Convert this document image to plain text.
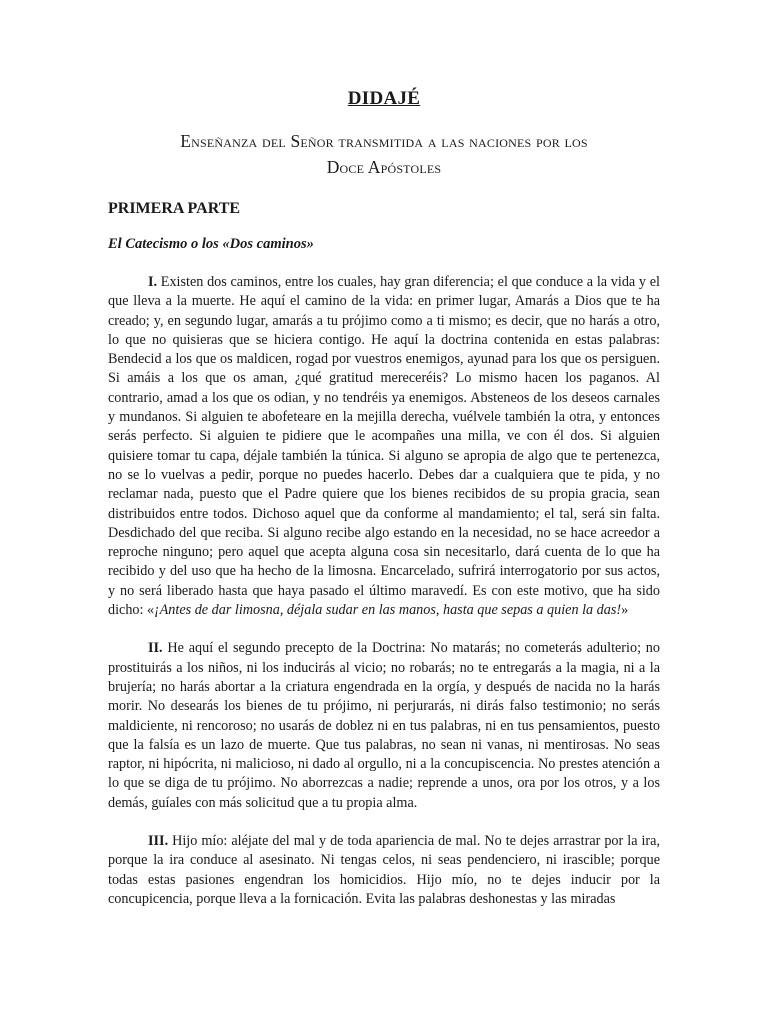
DIDAJÉ
Enseñanza del Señor transmitida a las naciones por los
Doce Apóstoles
PRIMERA PARTE
El Catecismo o los «Dos caminos»

I. Existen dos caminos, entre los cuales, hay gran diferencia; el que conduce a la vida y el que lleva a la muerte. He aquí el camino de la vida: en primer lugar, Amarás a Dios que te ha creado; y, en segundo lugar, amarás a tu prójimo como a ti mismo; es decir, que no harás a otro, lo que no quisieras que se hiciera contigo. He aquí la doctrina contenida en estas palabras: Bendecid a los que os maldicen, rogad por vuestros enemigos, ayunad para los que os persiguen. Si amáis a los que os aman, ¿qué gratitud mereceréis? Lo mismo hacen los paganos. Al contrario, amad a los que os odian, y no tendréis ya enemigos. Absteneos de los deseos carnales y mundanos. Si alguien te abofeteare en la mejilla derecha, vuélvele también la otra, y entonces serás perfecto. Si alguien te pidiere que le acompañes una milla, ve con él dos. Si alguien quisiere tomar tu capa, déjale también la túnica. Si alguno se apropia de algo que te pertenezca, no se lo vuelvas a pedir, porque no puedes hacerlo. Debes dar a cualquiera que te pida, y no reclamar nada, puesto que el Padre quiere que los bienes recibidos de su propia gracia, sean distribuidos entre todos. Dichoso aquel que da conforme al mandamiento; el tal, será sin falta. Desdichado del que reciba. Si alguno recibe algo estando en la necesidad, no se hace acreedor a reproche ninguno; pero aquel que acepta alguna cosa sin necesitarlo, dará cuenta de lo que ha recibido y del uso que ha hecho de la limosna. Encarcelado, sufrirá interrogatorio por sus actos, y no será liberado hasta que haya pasado el último maravedí. Es con este motivo, que ha sido dicho: «¡Antes de dar limosna, déjala sudar en las manos, hasta que sepas a quien la das!»

II. He aquí el segundo precepto de la Doctrina: No matarás; no cometerás adulterio; no prostituirás a los niños, ni los inducirás al vicio; no robarás; no te entregarás a la magia, ni a la brujería; no harás abortar a la criatura engendrada en la orgía, y después de nacida no la harás morir. No desearás los bienes de tu prójimo, ni perjurarás, ni dirás falso testimonio; no serás maldiciente, ni rencoroso; no usarás de doblez ni en tus palabras, ni en tus pensamientos, puesto que la falsía es un lazo de muerte. Que tus palabras, no sean ni vanas, ni mentirosas. No seas raptor, ni hipócrita, ni malicioso, ni dado al orgullo, ni a la concupiscencia. No prestes atención a lo que se diga de tu prójimo. No aborrezcas a nadie; reprende a unos, ora por los otros, y a los demás, guíales con más solicitud que a tu propia alma.

III. Hijo mío: aléjate del mal y de toda apariencia de mal. No te dejes arrastrar por la ira, porque la ira conduce al asesinato. Ni tengas celos, ni seas pendenciero, ni irascible; porque todas estas pasiones engendran los homicidios. Hijo mío, no te dejes inducir por la concupicencia, porque lleva a la fornicación. Evita las palabras deshonestas y las miradas
